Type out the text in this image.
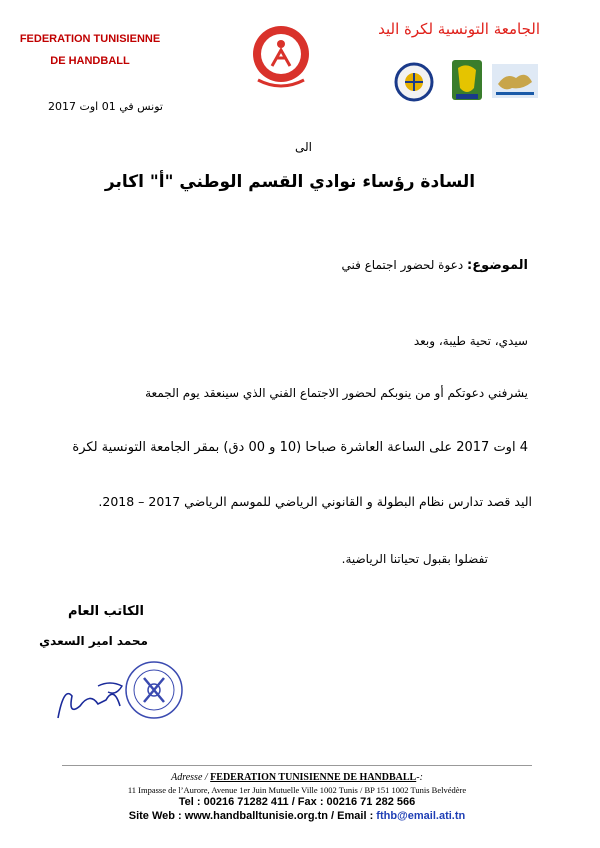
FEDERATION TUNISIENNE
DE HANDBALL
الجامعة التونسية لكرة اليد
تونس في 01 اوت 2017
الى
السادة رؤساء نوادي القسم الوطني "أ" اكابر
الموضوع: دعوة لحضور اجتماع فني
سيدي، تحية طيبة، وبعد
يشرفني دعوتكم أو من ينوبكم لحضور الاجتماع الفني الذي سينعقد يوم الجمعة
4 اوت 2017 على الساعة العاشرة صباحا (10 و 00 دق) بمقر الجامعة التونسية لكرة
اليد قصد تدارس نظام البطولة و القانوني الرياضي للموسم الرياضي 2017 – 2018.
تفضلوا بقبول تحياتنا الرياضية.
الكاتب العام
محمد امير السعدي
Adresse / FEDERATION TUNISIENNE DE HANDBALL-:
11 Impasse de l’Aurore, Avenue 1er Juin Mutuelle Ville 1002 Tunis / BP 151 1002 Tunis Belvédère
Tel : 00216 71282 411 / Fax : 00216 71 282 566
Site Web : www.handballtunisie.org.tn / Email : fthb@email.ati.tn
